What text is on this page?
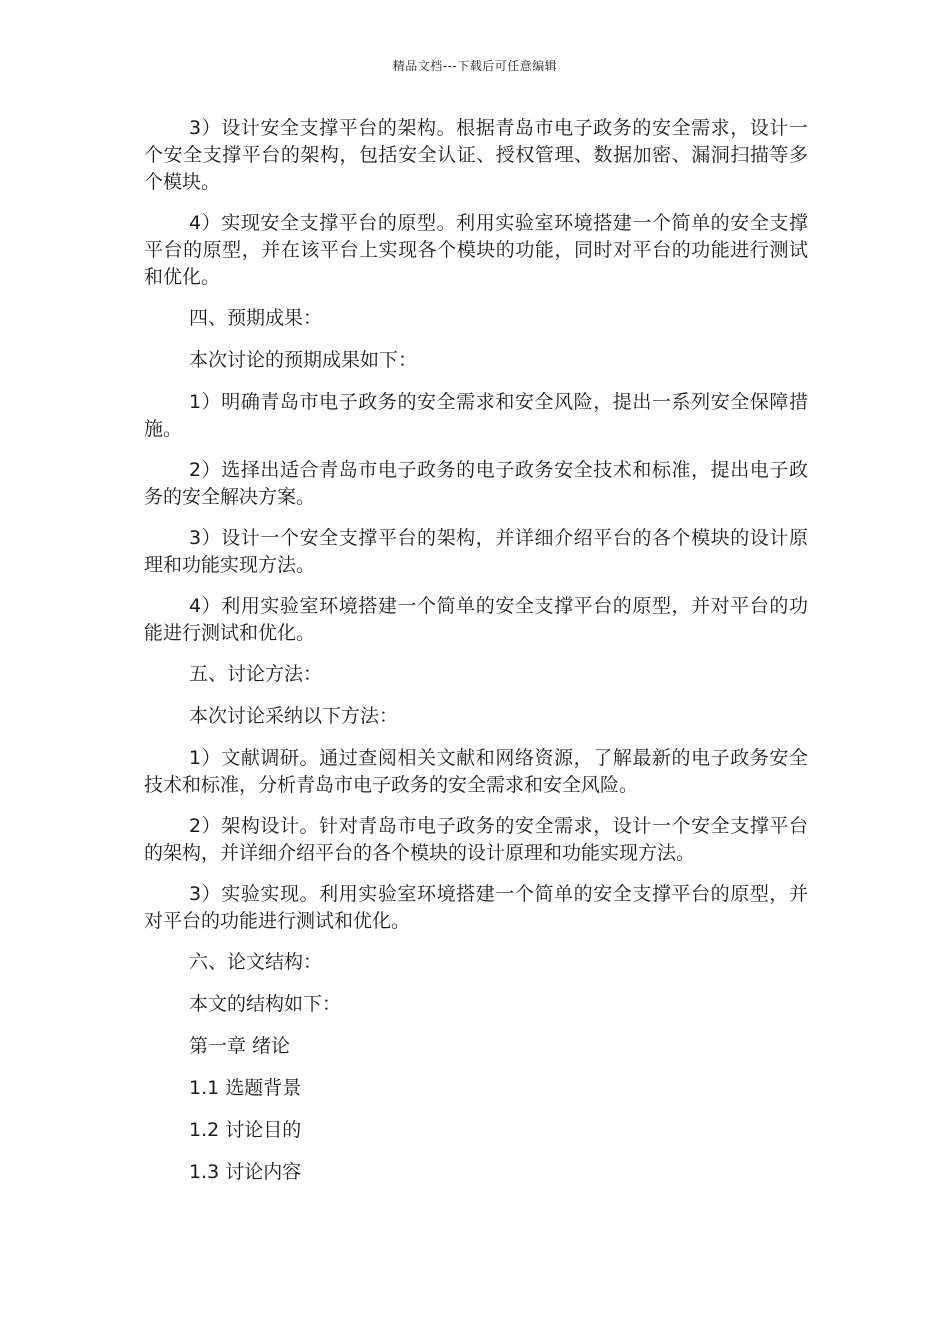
精品文档---下载后可任意编辑

3）设计安全支撑平台的架构。根据青岛市电子政务的安全需求，设计一个安全支撑平台的架构，包括安全认证、授权管理、数据加密、漏洞扫描等多个模块。

4）实现安全支撑平台的原型。利用实验室环境搭建一个简单的安全支撑平台的原型，并在该平台上实现各个模块的功能，同时对平台的功能进行测试和优化。

四、预期成果：

本次讨论的预期成果如下：

1）明确青岛市电子政务的安全需求和安全风险，提出一系列安全保障措施。

2）选择出适合青岛市电子政务的电子政务安全技术和标准，提出电子政务的安全解决方案。

3）设计一个安全支撑平台的架构，并详细介绍平台的各个模块的设计原理和功能实现方法。

4）利用实验室环境搭建一个简单的安全支撑平台的原型，并对平台的功能进行测试和优化。

五、讨论方法：

本次讨论采纳以下方法：

1）文献调研。通过查阅相关文献和网络资源，了解最新的电子政务安全技术和标准，分析青岛市电子政务的安全需求和安全风险。

2）架构设计。针对青岛市电子政务的安全需求，设计一个安全支撑平台的架构，并详细介绍平台的各个模块的设计原理和功能实现方法。

3）实验实现。利用实验室环境搭建一个简单的安全支撑平台的原型，并对平台的功能进行测试和优化。

六、论文结构：

本文的结构如下：

第一章 绪论

1.1 选题背景

1.2 讨论目的

1.3 讨论内容
